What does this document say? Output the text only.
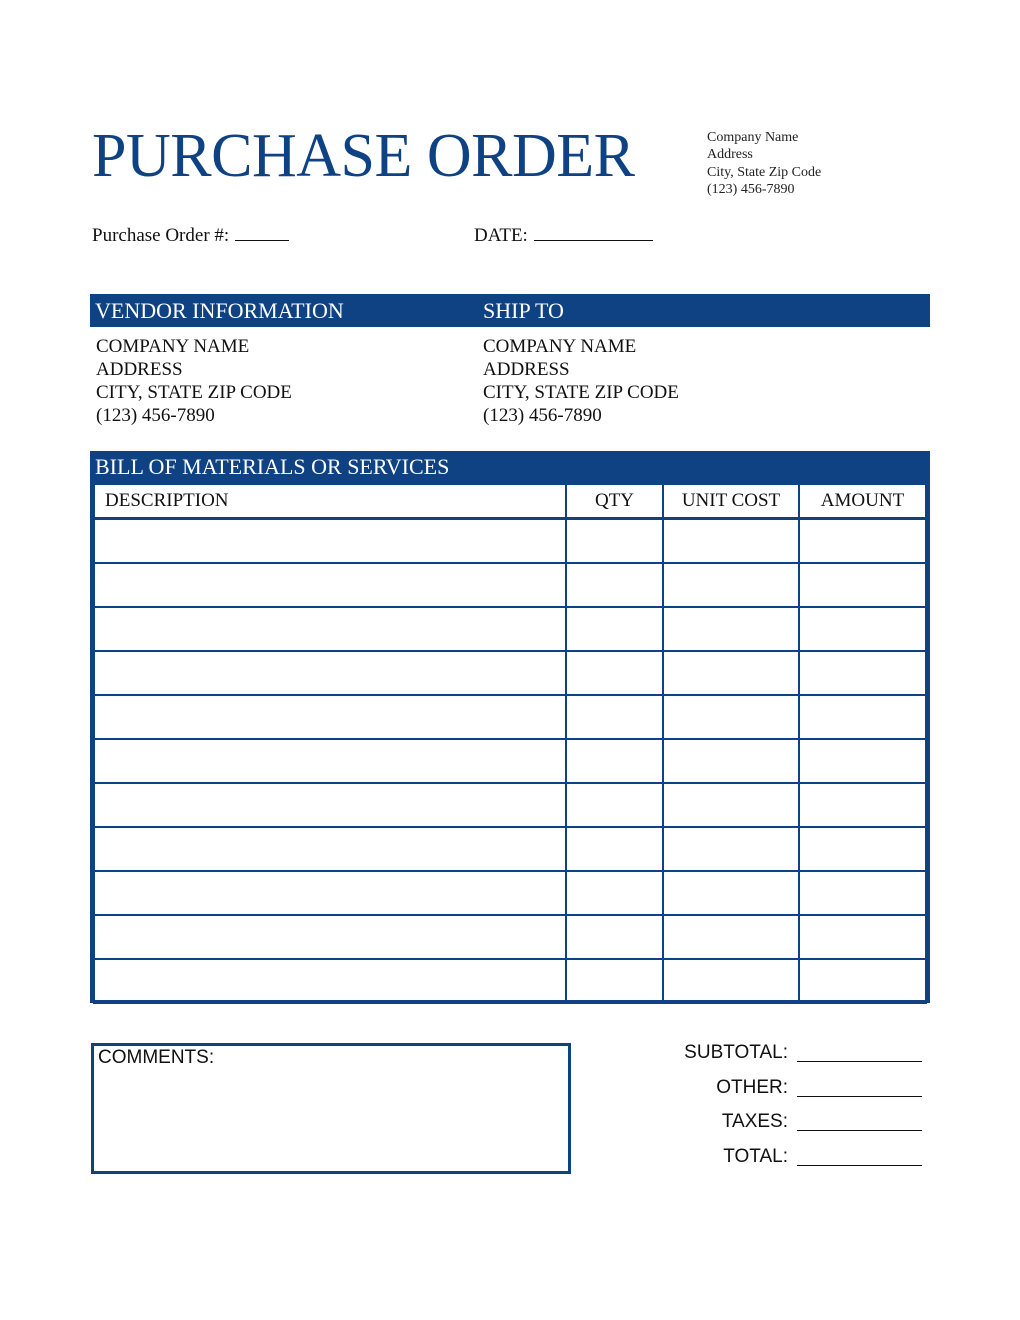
PURCHASE ORDER	Company Name
Address
City, State Zip Code
(123) 456-7890
Purchase Order #:	DATE:
VENDOR INFORMATION	SHIP TO
COMPANY NAME
ADDRESS
CITY, STATE ZIP CODE
(123) 456-7890
COMPANY NAME
ADDRESS
CITY, STATE ZIP CODE
(123) 456-7890
BILL OF MATERIALS OR SERVICES
DESCRIPTION	QTY	UNIT COST	AMOUNT

COMMENTS:	SUBTOTAL:
OTHER:
TAXES:
TOTAL:
